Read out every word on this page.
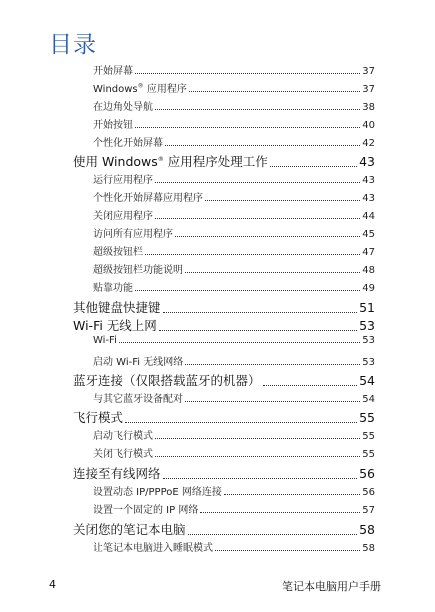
目录
开始屏幕	37
Windows® 应用程序	37
在边角处导航	38
开始按钮	40
个性化开始屏幕	42
使用 Windows® 应用程序处理工作	43
运行应用程序	43
个性化开始屏幕应用程序	43
关闭应用程序	44
访问所有应用程序	45
超级按钮栏	47
超级按钮栏功能说明	48
贴靠功能	49
其他键盘快捷键	51
Wi-Fi 无线上网	53
Wi-Fi	53
启动 Wi-Fi 无线网络	53
蓝牙连接（仅限搭载蓝牙的机器）	54
与其它蓝牙设备配对	54
飞行模式	55
启动飞行模式	55
关闭飞行模式	55
连接至有线网络	56
设置动态 IP/PPPoE 网络连接	56
设置一个固定的 IP 网络	57
关闭您的笔记本电脑	58
让笔记本电脑进入睡眠模式	58
4	笔记本电脑用户手册
